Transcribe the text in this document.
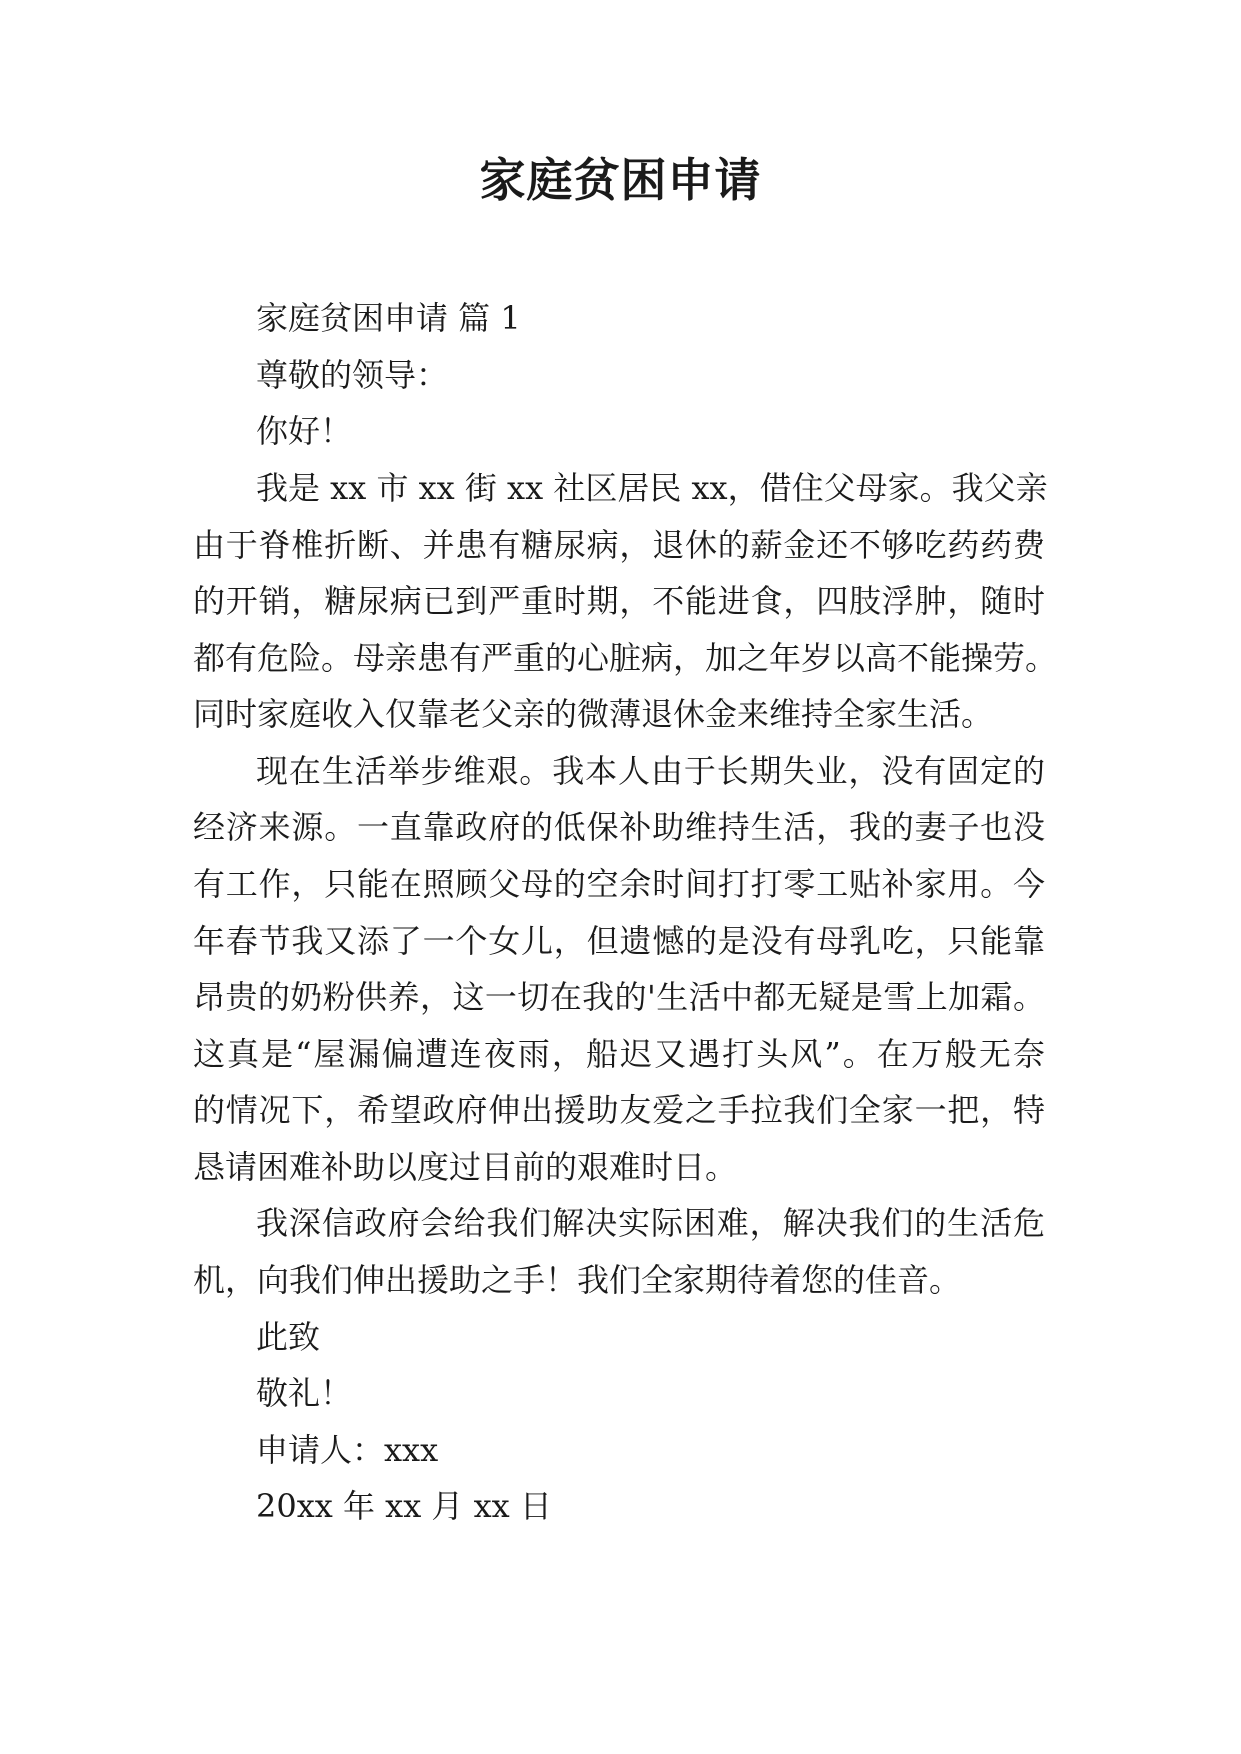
家庭贫困申请

家庭贫困申请 篇 1

尊敬的领导：

你好！

我是 xx 市 xx 街 xx 社区居民 xx，借住父母家。我父亲

由于脊椎折断、并患有糖尿病，退休的薪金还不够吃药药费

的开销，糖尿病已到严重时期，不能进食，四肢浮肿，随时

都有危险。母亲患有严重的心脏病，加之年岁以高不能操劳。

同时家庭收入仅靠老父亲的微薄退休金来维持全家生活。

现在生活举步维艰。我本人由于长期失业，没有固定的

经济来源。一直靠政府的低保补助维持生活，我的妻子也没

有工作，只能在照顾父母的空余时间打打零工贴补家用。今

年春节我又添了一个女儿，但遗憾的是没有母乳吃，只能靠

昂贵的奶粉供养，这一切在我的'生活中都无疑是雪上加霜。

这真是“屋漏偏遭连夜雨，船迟又遇打头风”。在万般无奈

的情况下，希望政府伸出援助友爱之手拉我们全家一把，特

恳请困难补助以度过目前的艰难时日。

我深信政府会给我们解决实际困难，解决我们的生活危

机，向我们伸出援助之手！我们全家期待着您的佳音。

此致

敬礼！

申请人：xxx

20xx 年 xx 月 xx 日
